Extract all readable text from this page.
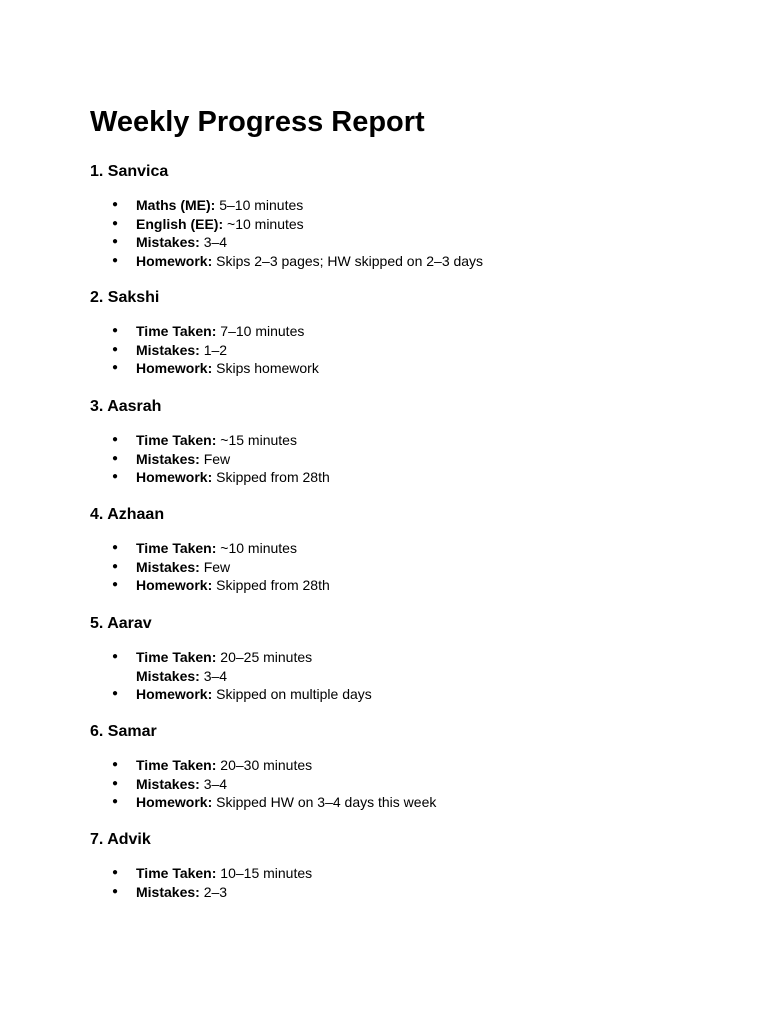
Weekly Progress Report
1. Sanvica
● Maths (ME): 5–10 minutes
● English (EE): ~10 minutes
● Mistakes: 3–4
● Homework: Skips 2–3 pages; HW skipped on 2–3 days
2. Sakshi
● Time Taken: 7–10 minutes
● Mistakes: 1–2
● Homework: Skips homework
3. Aasrah
● Time Taken: ~15 minutes
● Mistakes: Few
● Homework: Skipped from 28th
4. Azhaan
● Time Taken: ~10 minutes
● Mistakes: Few
● Homework: Skipped from 28th
5. Aarav
● Time Taken: 20–25 minutes
Mistakes: 3–4
● Homework: Skipped on multiple days
6. Samar
● Time Taken: 20–30 minutes
● Mistakes: 3–4
● Homework: Skipped HW on 3–4 days this week
7. Advik
● Time Taken: 10–15 minutes
● Mistakes: 2–3
